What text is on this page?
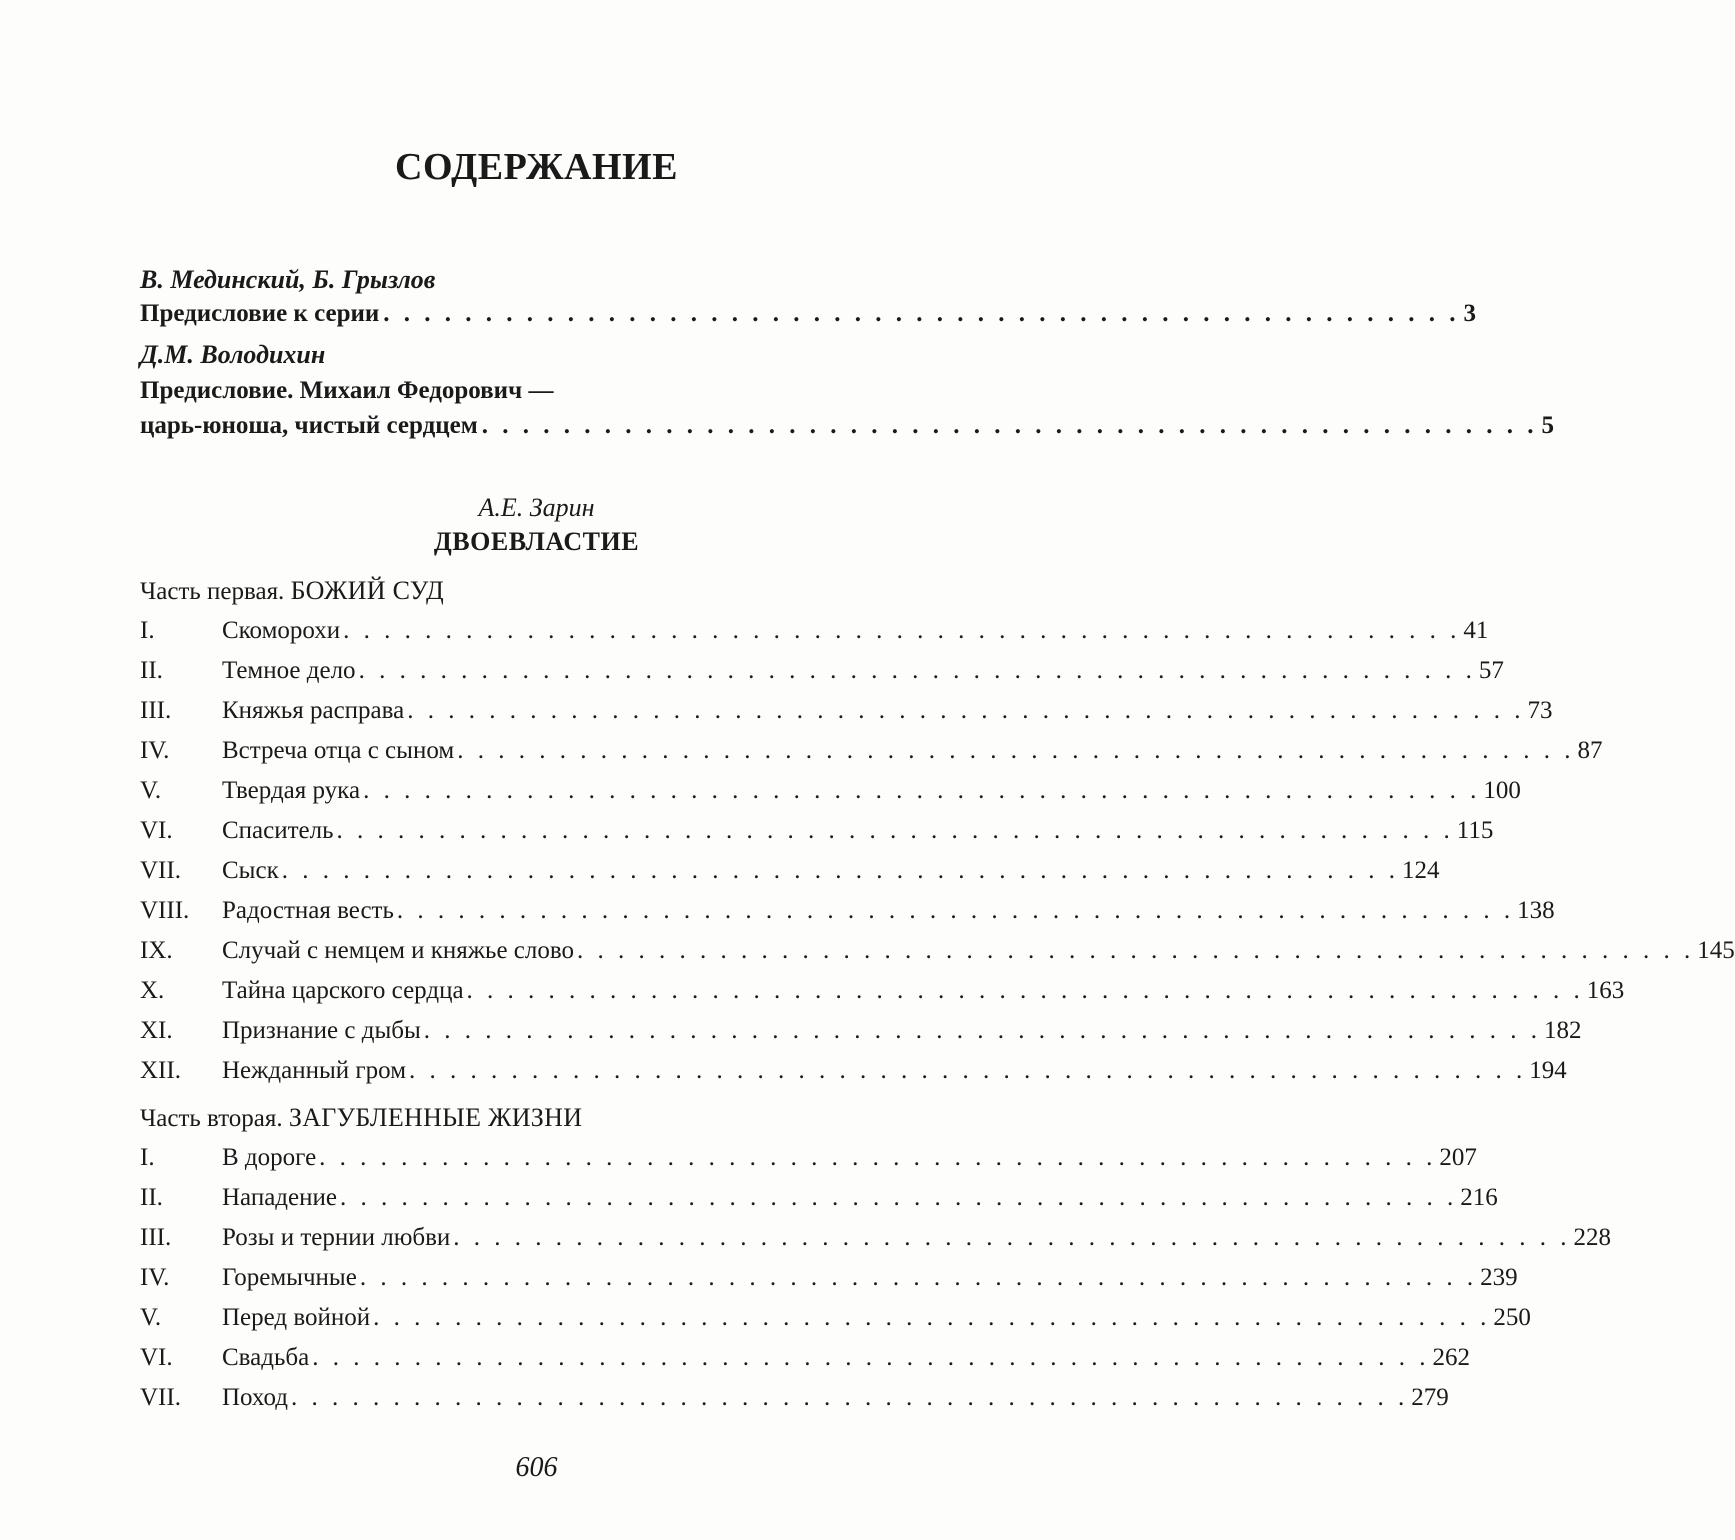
СОДЕРЖАНИЕ
В. Мединский, Б. Грызлов
Предисловие к серии . . . . . . . . . . . . . . . . . . . . . . . . . . . . . . . . . . . . . . . . . . . . . . . . . . . . . 3
Д.М. Володихин
Предисловие. Михаил Федорович —
царь-юноша, чистый сердцем . . . . . . . . . . . . . . . . . . . . . . . . . . . . . . . . . . . . . . . . . . . . . . . . . . . . 5
А.Е. Зарин
ДВОЕВЛАСТИЕ
Часть первая. БОЖИЙ СУД
I.	Скоморохи . . . . . . . . . . . . . . . . . . . . . . . . . . . . . . . . . . . . . . . . . . . . . . . . . . . . . . . 41
II.	Темное дело . . . . . . . . . . . . . . . . . . . . . . . . . . . . . . . . . . . . . . . . . . . . . . . . . . . . . . . 57
III.	Княжья расправа . . . . . . . . . . . . . . . . . . . . . . . . . . . . . . . . . . . . . . . . . . . . . . . . . . . . . . . 73
IV.	Встреча отца с сыном . . . . . . . . . . . . . . . . . . . . . . . . . . . . . . . . . . . . . . . . . . . . . . . . . . . . . . . 87
V.	Твердая рука . . . . . . . . . . . . . . . . . . . . . . . . . . . . . . . . . . . . . . . . . . . . . . . . . . . . . . . 100
VI.	Спаситель . . . . . . . . . . . . . . . . . . . . . . . . . . . . . . . . . . . . . . . . . . . . . . . . . . . . . . . 115
VII.	Сыск . . . . . . . . . . . . . . . . . . . . . . . . . . . . . . . . . . . . . . . . . . . . . . . . . . . . . . . 124
VIII.	Радостная весть . . . . . . . . . . . . . . . . . . . . . . . . . . . . . . . . . . . . . . . . . . . . . . . . . . . . . . . 138
IX.	Случай с немцем и княжье слово . . . . . . . . . . . . . . . . . . . . . . . . . . . . . . . . . . . . . . . . . . . . . . . . . . . . . . . 145
X.	Тайна царского сердца . . . . . . . . . . . . . . . . . . . . . . . . . . . . . . . . . . . . . . . . . . . . . . . . . . . . . . . 163
XI.	Признание с дыбы . . . . . . . . . . . . . . . . . . . . . . . . . . . . . . . . . . . . . . . . . . . . . . . . . . . . . . . 182
XII.	Нежданный гром . . . . . . . . . . . . . . . . . . . . . . . . . . . . . . . . . . . . . . . . . . . . . . . . . . . . . . . 194
Часть вторая. ЗАГУБЛЕННЫЕ ЖИЗНИ
I.	В дороге . . . . . . . . . . . . . . . . . . . . . . . . . . . . . . . . . . . . . . . . . . . . . . . . . . . . . . . 207
II.	Нападение . . . . . . . . . . . . . . . . . . . . . . . . . . . . . . . . . . . . . . . . . . . . . . . . . . . . . . . 216
III.	Розы и тернии любви . . . . . . . . . . . . . . . . . . . . . . . . . . . . . . . . . . . . . . . . . . . . . . . . . . . . . . . 228
IV.	Горемычные . . . . . . . . . . . . . . . . . . . . . . . . . . . . . . . . . . . . . . . . . . . . . . . . . . . . . . . 239
V.	Перед войной . . . . . . . . . . . . . . . . . . . . . . . . . . . . . . . . . . . . . . . . . . . . . . . . . . . . . . . 250
VI.	Свадьба . . . . . . . . . . . . . . . . . . . . . . . . . . . . . . . . . . . . . . . . . . . . . . . . . . . . . . . 262
VII.	Поход . . . . . . . . . . . . . . . . . . . . . . . . . . . . . . . . . . . . . . . . . . . . . . . . . . . . . . . 279
606
